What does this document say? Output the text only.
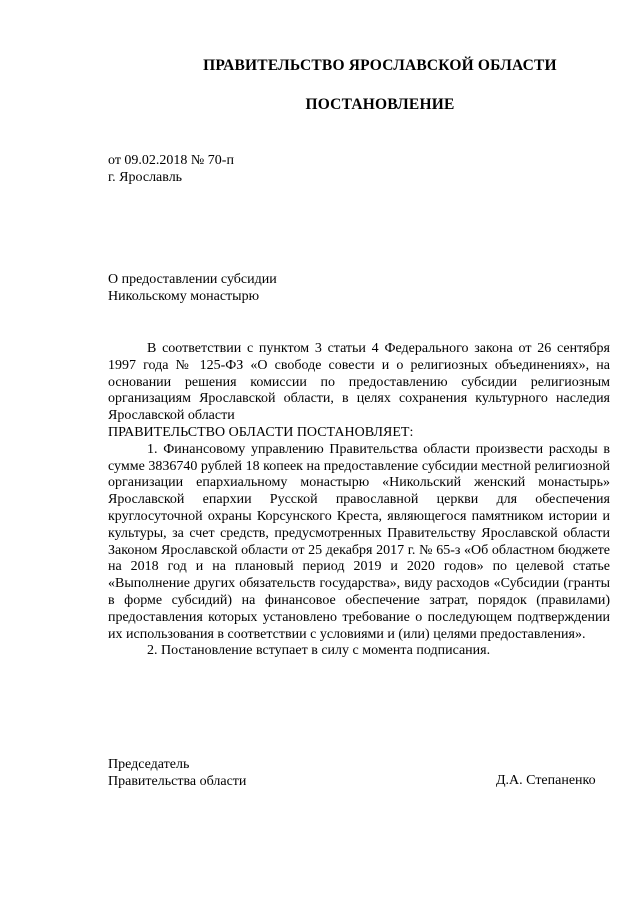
ПРАВИТЕЛЬСТВО ЯРОСЛАВСКОЙ ОБЛАСТИ
ПОСТАНОВЛЕНИЕ
от 09.02.2018 № 70-п
г. Ярославль
О предоставлении субсидии
Никольскому монастырю

В соответствии с пунктом 3 статьи 4 Федерального закона от 26 сентября 1997 года № 125-ФЗ «О свободе совести и о религиозных объединениях», на основании решения комиссии по предоставлению субсидии религиозным организациям Ярославской области, в целях сохранения культурного наследия Ярославской области

ПРАВИТЕЛЬСТВО ОБЛАСТИ ПОСТАНОВЛЯЕТ:

1. Финансовому управлению Правительства области произвести расходы в сумме 3836740 рублей 18 копеек на предоставление субсидии местной религиозной организации епархиальному монастырю «Никольский женский монастырь» Ярославской епархии Русской православной церкви для обеспечения круглосуточной охраны Корсунского Креста, являющегося памятником истории и культуры, за счет средств, предусмотренных Правительству Ярославской области Законом Ярославской области от 25 декабря 2017 г. № 65-з «Об областном бюджете на 2018 год и на плановый период 2019 и 2020 годов» по целевой статье «Выполнение других обязательств государства», виду расходов «Субсидии (гранты в форме субсидий) на финансовое обеспечение затрат, порядок (правилами) предоставления которых установлено требование о последующем подтверждении их использования в соответствии с условиями и (или) целями предоставления».

2. Постановление вступает в силу с момента подписания.

Председатель
Правительства области	Д.А. Степаненко
